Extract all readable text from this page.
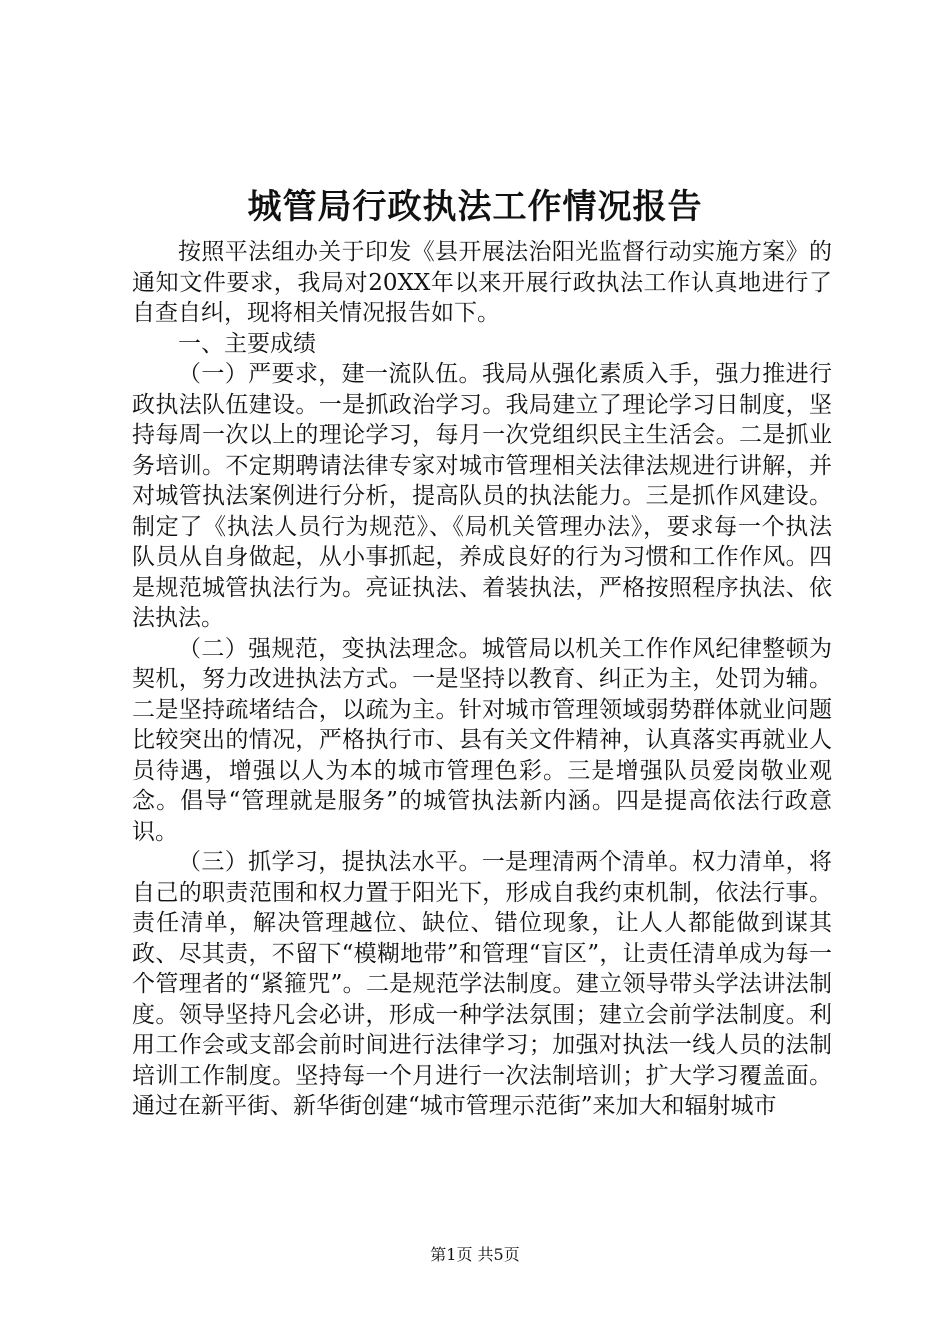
城管局行政执法工作情况报告

按照平法组办关于印发《县开展法治阳光监督行动实施方案》的通知文件要求，我局对20XX年以来开展行政执法工作认真地进行了自查自纠，现将相关情况报告如下。

一、主要成绩

（一）严要求，建一流队伍。我局从强化素质入手，强力推进行政执法队伍建设。一是抓政治学习。我局建立了理论学习日制度，坚持每周一次以上的理论学习，每月一次党组织民主生活会。二是抓业务培训。不定期聘请法律专家对城市管理相关法律法规进行讲解，并对城管执法案例进行分析，提高队员的执法能力。三是抓作风建设。制定了《执法人员行为规范》、《局机关管理办法》，要求每一个执法队员从自身做起，从小事抓起，养成良好的行为习惯和工作作风。四是规范城管执法行为。亮证执法、着装执法，严格按照程序执法、依法执法。

（二）强规范，变执法理念。城管局以机关工作作风纪律整顿为契机，努力改进执法方式。一是坚持以教育、纠正为主，处罚为辅。二是坚持疏堵结合，以疏为主。针对城市管理领域弱势群体就业问题比较突出的情况，严格执行市、县有关文件精神，认真落实再就业人员待遇，增强以人为本的城市管理色彩。三是增强队员爱岗敬业观念。倡导“管理就是服务”的城管执法新内涵。四是提高依法行政意识。

（三）抓学习，提执法水平。一是理清两个清单。权力清单，将自己的职责范围和权力置于阳光下，形成自我约束机制，依法行事。责任清单，解决管理越位、缺位、错位现象，让人人都能做到谋其政、尽其责，不留下“模糊地带”和管理“盲区”，让责任清单成为每一个管理者的“紧箍咒”。二是规范学法制度。建立领导带头学法讲法制度。领导坚持凡会必讲，形成一种学法氛围；建立会前学法制度。利用工作会或支部会前时间进行法律学习；加强对执法一线人员的法制培训工作制度。坚持每一个月进行一次法制培训；扩大学习覆盖面。通过在新平街、新华街创建“城市管理示范街”来加大和辐射城市

第1页 共5页
